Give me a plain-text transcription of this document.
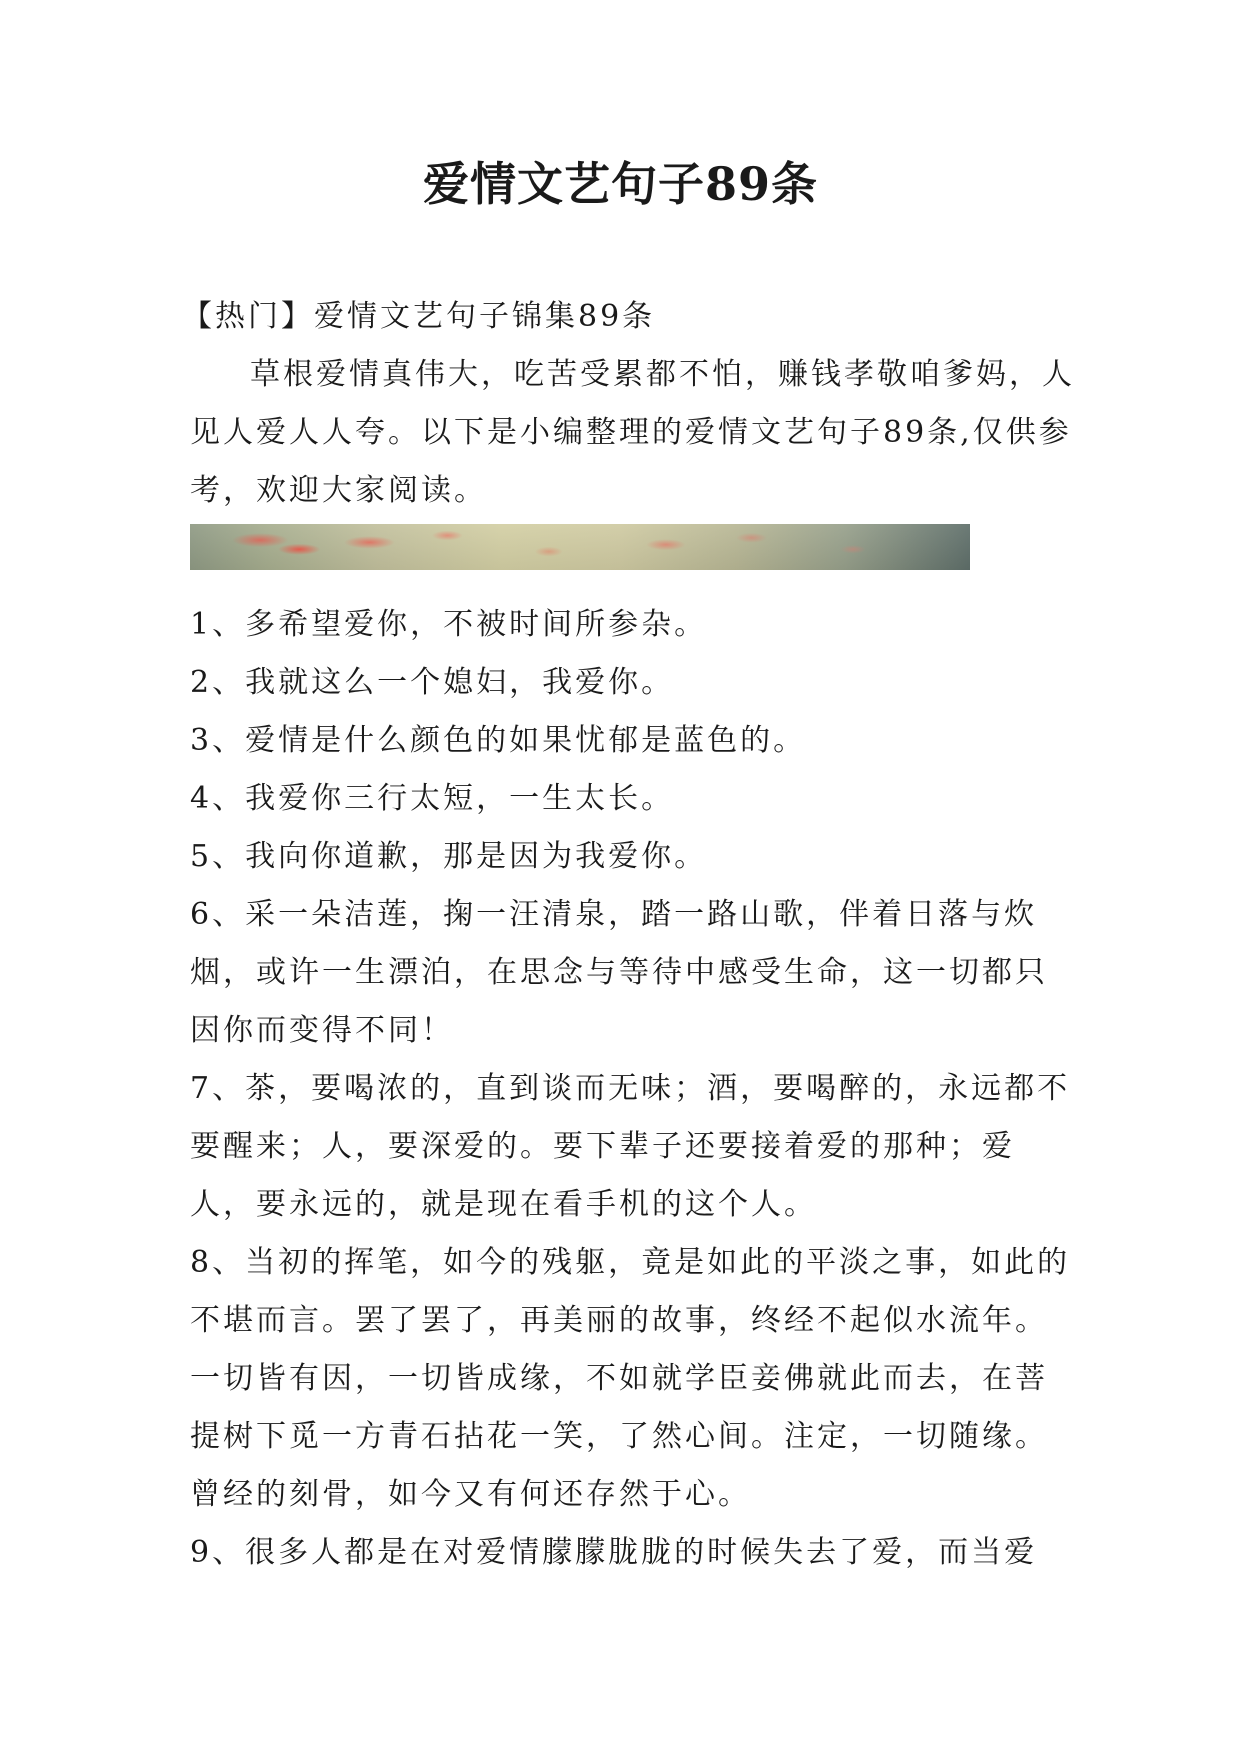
爱情文艺句子89条

【热门】爱情文艺句子锦集89条

草根爱情真伟大，吃苦受累都不怕，赚钱孝敬咱爹妈，人见人爱人人夸。以下是小编整理的爱情文艺句子89条,仅供参考，欢迎大家阅读。

1、多希望爱你，不被时间所参杂。

2、我就这么一个媳妇，我爱你。

3、爱情是什么颜色的如果忧郁是蓝色的。

4、我爱你三行太短，一生太长。

5、我向你道歉，那是因为我爱你。

6、采一朵洁莲，掬一汪清泉，踏一路山歌，伴着日落与炊烟，或许一生漂泊，在思念与等待中感受生命，这一切都只因你而变得不同！

7、茶，要喝浓的，直到谈而无味；酒，要喝醉的，永远都不要醒来；人，要深爱的。要下辈子还要接着爱的那种；爱人，要永远的，就是现在看手机的这个人。

8、当初的挥笔，如今的残躯，竟是如此的平淡之事，如此的不堪而言。罢了罢了，再美丽的故事，终经不起似水流年。一切皆有因，一切皆成缘，不如就学臣妾佛就此而去，在菩提树下觅一方青石拈花一笑，了然心间。注定，一切随缘。曾经的刻骨，如今又有何还存然于心。

9、很多人都是在对爱情朦朦胧胧的时候失去了爱，而当爱
